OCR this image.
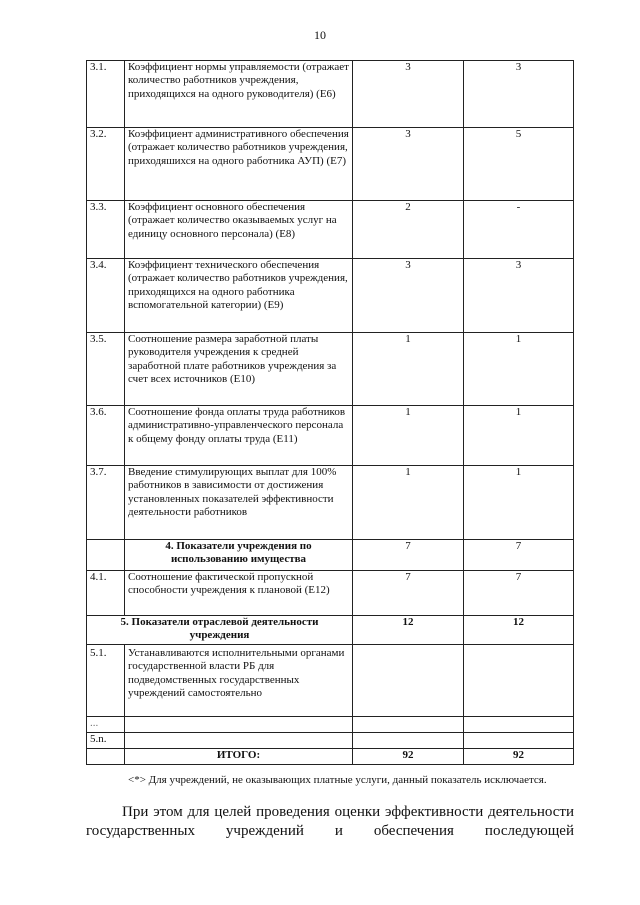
10
3.1.	Коэффициент нормы управляемости (отражает количество работников учреждения, приходящихся на одного руководителя) (Е6)	3	3
3.2.	Коэффициент административного обеспечения (отражает количество работников учреждения, приходяшихся на одного работника АУП) (Е7)	3	5
3.3.	Коэффициент основного обеспечения (отражает количество оказываемых услуг на единицу основного персонала) (Е8)	2	-
3.4.	Коэффициент технического обеспечения (отражает количество работников учреждения, приходящихся на одного работника вспомогательной категории) (Е9)	3	3
3.5.	Соотношение размера заработной платы руководителя учреждения к средней заработной плате работников учреждения за счет всех источников (Е10)	1	1
3.6.	Соотношение фонда оплаты труда работников административно-управленческого персонала к общему фонду оплаты труда (Е11)	1	1
3.7.	Введение стимулирующих выплат для 100% работников в зависимости от достижения установленных показателей эффективности деятельности работников	1	1
	4. Показатели учреждения по использованию имущества	7	7
4.1.	Соотношение фактической пропускной способности учреждения к плановой (Е12)	7	7
5. Показатели отраслевой деятельности учреждения		12	12
5.1.	Устанавливаются исполнительными органами государственной власти РБ для подведомственных государственных учреждений самостоятельно		
...			
5.n.			
	ИТОГО:	92	92
<*> Для учреждений, не оказывающих платные услуги, данный показатель исключается.
При этом для целей проведения оценки эффективности деятельности государственных учреждений и обеспечения последующей
